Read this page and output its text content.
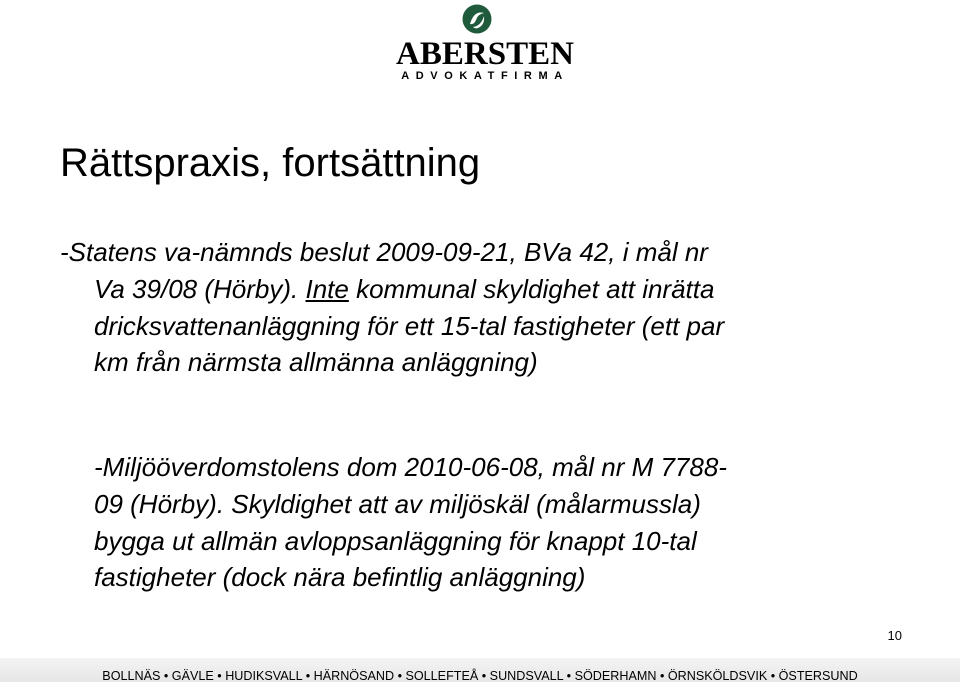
ABERSTEN
ADVOKATFIRMA
Rättspraxis, fortsättning
-Statens va-nämnds beslut 2009-09-21, BVa 42, i mål nr
Va 39/08 (Hörby). Inte kommunal skyldighet att inrätta
dricksvattenanläggning för ett 15-tal fastigheter (ett par
km från närmsta allmänna anläggning)
-Miljööverdomstolens dom 2010-06-08, mål nr M 7788-
09 (Hörby). Skyldighet att av miljöskäl (målarmussla)
bygga ut allmän avloppsanläggning för knappt 10-tal
fastigheter (dock nära befintlig anläggning)
10
BOLLNÄS • GÄVLE • HUDIKSVALL • HÄRNÖSAND • SOLLEFTEÅ • SUNDSVALL • SÖDERHAMN • ÖRNSKÖLDSVIK • ÖSTERSUND
